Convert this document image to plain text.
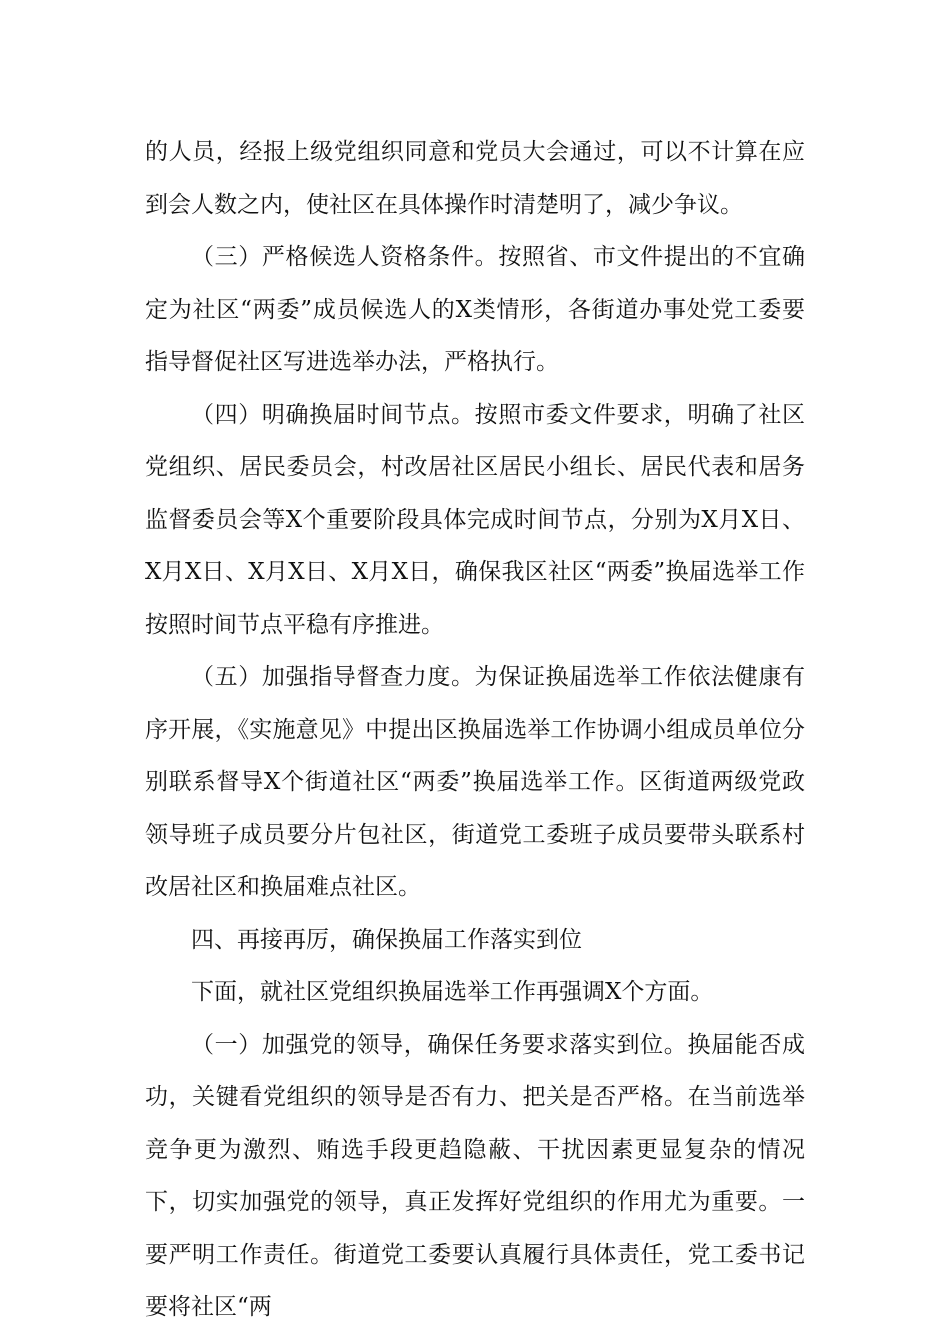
的人员，经报上级党组织同意和党员大会通过，可以不计算在应到会人数之内，使社区在具体操作时清楚明了，减少争议。

（三）严格候选人资格条件。按照省、市文件提出的不宜确定为社区“两委”成员候选人的X类情形，各街道办事处党工委要指导督促社区写进选举办法，严格执行。

（四）明确换届时间节点。按照市委文件要求，明确了社区党组织、居民委员会，村改居社区居民小组长、居民代表和居务监督委员会等X个重要阶段具体完成时间节点，分别为X月X日、X月X日、X月X日、X月X日，确保我区社区“两委”换届选举工作按照时间节点平稳有序推进。

（五）加强指导督查力度。为保证换届选举工作依法健康有序开展，《实施意见》中提出区换届选举工作协调小组成员单位分别联系督导X个街道社区“两委”换届选举工作。区街道两级党政领导班子成员要分片包社区，街道党工委班子成员要带头联系村改居社区和换届难点社区。

四、再接再厉，确保换届工作落实到位

下面，就社区党组织换届选举工作再强调X个方面。

（一）加强党的领导，确保任务要求落实到位。换届能否成功，关键看党组织的领导是否有力、把关是否严格。在当前选举竞争更为激烈、贿选手段更趋隐蔽、干扰因素更显复杂的情况下，切实加强党的领导，真正发挥好党组织的作用尤为重要。一要严明工作责任。街道党工委要认真履行具体责任，党工委书记要将社区“两
